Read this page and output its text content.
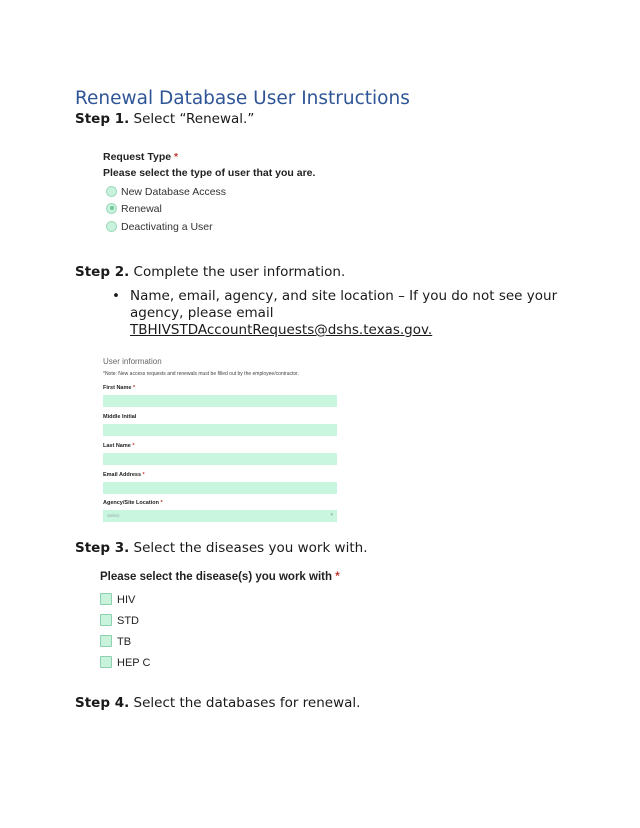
Renewal Database User Instructions
Step 1. Select “Renewal.”
Request Type *
Please select the type of user that you are.
New Database Access
Renewal
Deactivating a User
Step 2. Complete the user information.
• Name, email, agency, and site location – If you do not see your agency, please email
TBHIVSTDAccountRequests@dshs.texas.gov.
User information
*Note: New access requests and renewals must be filled out by the employee/contractor.
First Name *
Middle Initial
Last Name *
Email Address *
Agency/Site Location *
Select	▾
Step 3. Select the diseases you work with.
Please select the disease(s) you work with *
HIV
STD
TB
HEP C
Step 4. Select the databases for renewal.
